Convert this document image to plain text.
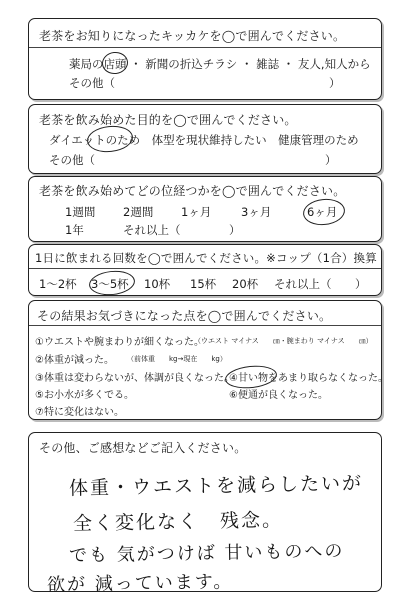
老茶をお知りになったキッカケを◯で囲んでください。
薬局の店頭 ・ 新聞の折込チラシ ・ 雑誌 ・ 友人,知人から
その他（	）
老茶を飲み始めた目的を◯で囲んでください。
ダイエットのため　体型を現状維持したい　健康管理のため
その他（	）
老茶を飲み始めてどの位経つかを◯で囲んでください。
1週間 2週間 1ヶ月	3ヶ月	6ヶ月
1年	それ以上（	）
1日に飲まれる回数を◯で囲んでください。※コップ（1合）換算
1〜2杯 3〜5杯 10杯 15杯 20杯 それ以上（ ）
その結果お気づきになった点を◯で囲んでください。
①ウエストや腕まわりが細くなった。
（ウエスト マイナス　　㎝・腕まわり マイナス　　㎝）
②体重が減った。 （前体重　　kg→現在　　kg）
③体重は変わらないが、体調が良くなった。
④甘い物をあまり取らなくなった。
⑤お小水が多くでる。	⑥便通が良くなった。
⑦特に変化はない。
その他、ご感想などご記入ください。
体重・ウエストを減らしたいが
全く変化なく　残念。
でも 気がつけば 甘いものへの
欲が 減っています。
